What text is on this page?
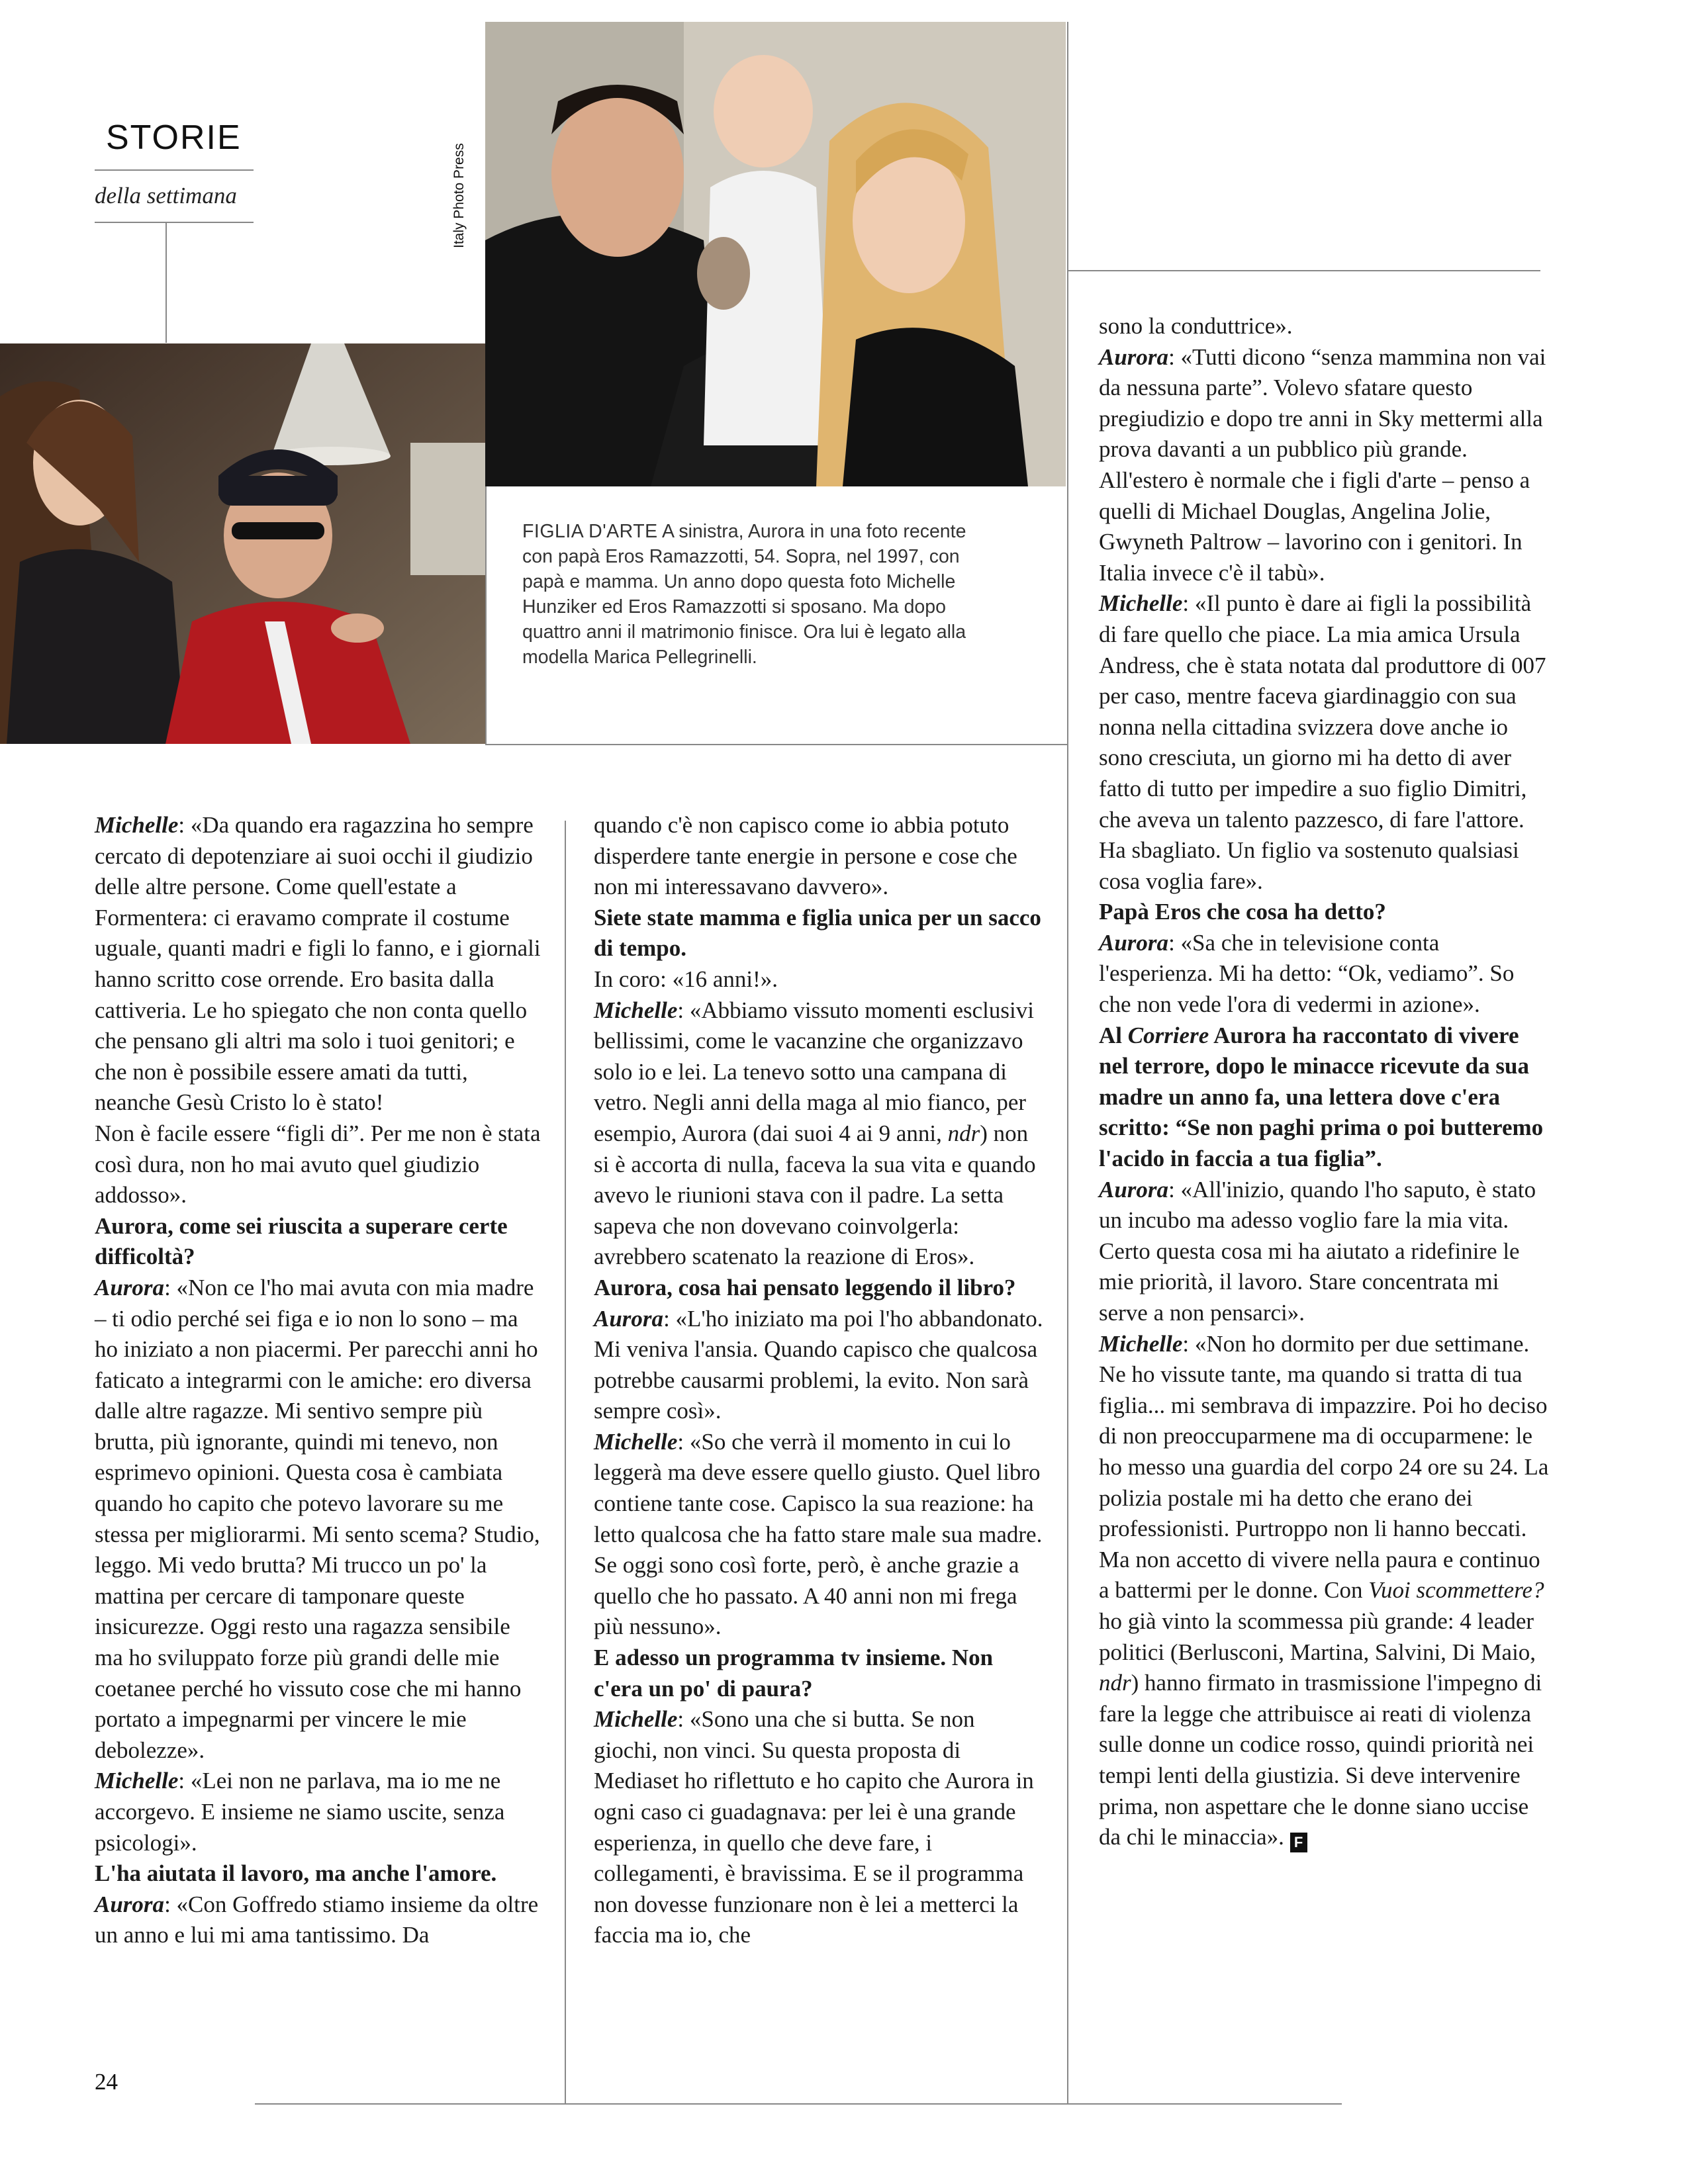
STORIE
della settimana	Italy Photo Press
FIGLIA D'ARTE A sinistra, Aurora in una foto recente con papà Eros Ramazzotti, 54. Sopra, nel 1997, con papà e mamma. Un anno dopo questa foto Michelle Hunziker ed Eros Ramazzotti si sposano. Ma dopo quattro anni il matrimonio finisce. Ora lui è legato alla modella Marica Pellegrinelli.

Michelle: «Da quando era ragazzina ho sempre cercato di depotenziare ai suoi occhi il giudizio delle altre persone. Come quell'estate a Formentera: ci eravamo comprate il costume uguale, quanti madri e figli lo fanno, e i giornali hanno scritto cose orrende. Ero basita dalla cattiveria. Le ho spiegato che non conta quello che pensano gli altri ma solo i tuoi genitori; e che non è possibile essere amati da tutti, neanche Gesù Cristo lo è stato!

Non è facile essere “figli di”. Per me non è stata così dura, non ho mai avuto quel giudizio addosso».

Aurora, come sei riuscita a superare certe difficoltà?

Aurora: «Non ce l'ho mai avuta con mia madre – ti odio perché sei figa e io non lo sono – ma ho iniziato a non piacermi. Per parecchi anni ho faticato a integrarmi con le amiche: ero diversa dalle altre ragazze. Mi sentivo sempre più brutta, più ignorante, quindi mi tenevo, non esprimevo opinioni. Questa cosa è cambiata quando ho capito che potevo lavorare su me stessa per migliorarmi. Mi sento scema? Studio, leggo. Mi vedo brutta? Mi trucco un po' la mattina per cercare di tamponare queste insicurezze. Oggi resto una ragazza sensibile ma ho sviluppato forze più grandi delle mie coetanee perché ho vissuto cose che mi hanno portato a impegnarmi per vincere le mie debolezze».

Michelle: «Lei non ne parlava, ma io me ne accorgevo. E insieme ne siamo uscite, senza psicologi».

L'ha aiutata il lavoro, ma anche l'amore.

Aurora: «Con Goffredo stiamo insieme da oltre un anno e lui mi ama tantissimo. Da

quando c'è non capisco come io abbia potuto disperdere tante energie in persone e cose che non mi interessavano davvero».

Siete state mamma e figlia unica per un sacco di tempo.

In coro: «16 anni!».

Michelle: «Abbiamo vissuto momenti esclusivi bellissimi, come le vacanzine che organizzavo solo io e lei. La tenevo sotto una campana di vetro. Negli anni della maga al mio fianco, per esempio, Aurora (dai suoi 4 ai 9 anni, ndr) non si è accorta di nulla, faceva la sua vita e quando avevo le riunioni stava con il padre. La setta sapeva che non dovevano coinvolgerla: avrebbero scatenato la reazione di Eros».

Aurora, cosa hai pensato leggendo il libro?

Aurora: «L'ho iniziato ma poi l'ho abbandonato. Mi veniva l'ansia. Quando capisco che qualcosa potrebbe causarmi problemi, la evito. Non sarà sempre così».

Michelle: «So che verrà il momento in cui lo leggerà ma deve essere quello giusto. Quel libro contiene tante cose. Capisco la sua reazione: ha letto qualcosa che ha fatto stare male sua madre. Se oggi sono così forte, però, è anche grazie a quello che ho passato. A 40 anni non mi frega più nessuno».

E adesso un programma tv insieme. Non c'era un po' di paura?

Michelle: «Sono una che si butta. Se non giochi, non vinci. Su questa proposta di Mediaset ho riflettuto e ho capito che Aurora in ogni caso ci guadagnava: per lei è una grande esperienza, in quello che deve fare, i collegamenti, è bravissima. E se il programma non dovesse funzionare non è lei a metterci la faccia ma io, che

sono la conduttrice».

Aurora: «Tutti dicono “senza mammina non vai da nessuna parte”. Volevo sfatare questo pregiudizio e dopo tre anni in Sky mettermi alla prova davanti a un pubblico più grande. All'estero è normale che i figli d'arte – penso a quelli di Michael Douglas, Angelina Jolie, Gwyneth Paltrow – lavorino con i genitori. In Italia invece c'è il tabù».

Michelle: «Il punto è dare ai figli la possibilità di fare quello che piace. La mia amica Ursula Andress, che è stata notata dal produttore di 007 per caso, mentre faceva giardinaggio con sua nonna nella cittadina svizzera dove anche io sono cresciuta, un giorno mi ha detto di aver fatto di tutto per impedire a suo figlio Dimitri, che aveva un talento pazzesco, di fare l'attore. Ha sbagliato. Un figlio va sostenuto qualsiasi cosa voglia fare».

Papà Eros che cosa ha detto?

Aurora: «Sa che in televisione conta l'esperienza. Mi ha detto: “Ok, vediamo”. So che non vede l'ora di vedermi in azione».

Al Corriere Aurora ha raccontato di vivere nel terrore, dopo le minacce ricevute da sua madre un anno fa, una lettera dove c'era scritto: “Se non paghi prima o poi butteremo l'acido in faccia a tua figlia”.

Aurora: «All'inizio, quando l'ho saputo, è stato un incubo ma adesso voglio fare la mia vita. Certo questa cosa mi ha aiutato a ridefinire le mie priorità, il lavoro. Stare concentrata mi serve a non pensarci».

Michelle: «Non ho dormito per due settimane. Ne ho vissute tante, ma quando si tratta di tua figlia... mi sembrava di impazzire. Poi ho deciso di non preoccuparmene ma di occuparmene: le ho messo una guardia del corpo 24 ore su 24. La polizia postale mi ha detto che erano dei professionisti. Purtroppo non li hanno beccati. Ma non accetto di vivere nella paura e continuo a battermi per le donne. Con Vuoi scommettere? ho già vinto la scommessa più grande: 4 leader politici (Berlusconi, Martina, Salvini, Di Maio, ndr) hanno firmato in trasmissione l'impegno di fare la legge che attribuisce ai reati di violenza sulle donne un codice rosso, quindi priorità nei tempi lenti della giustizia. Si deve intervenire prima, non aspettare che le donne siano uccise da chi le minaccia». F

24
